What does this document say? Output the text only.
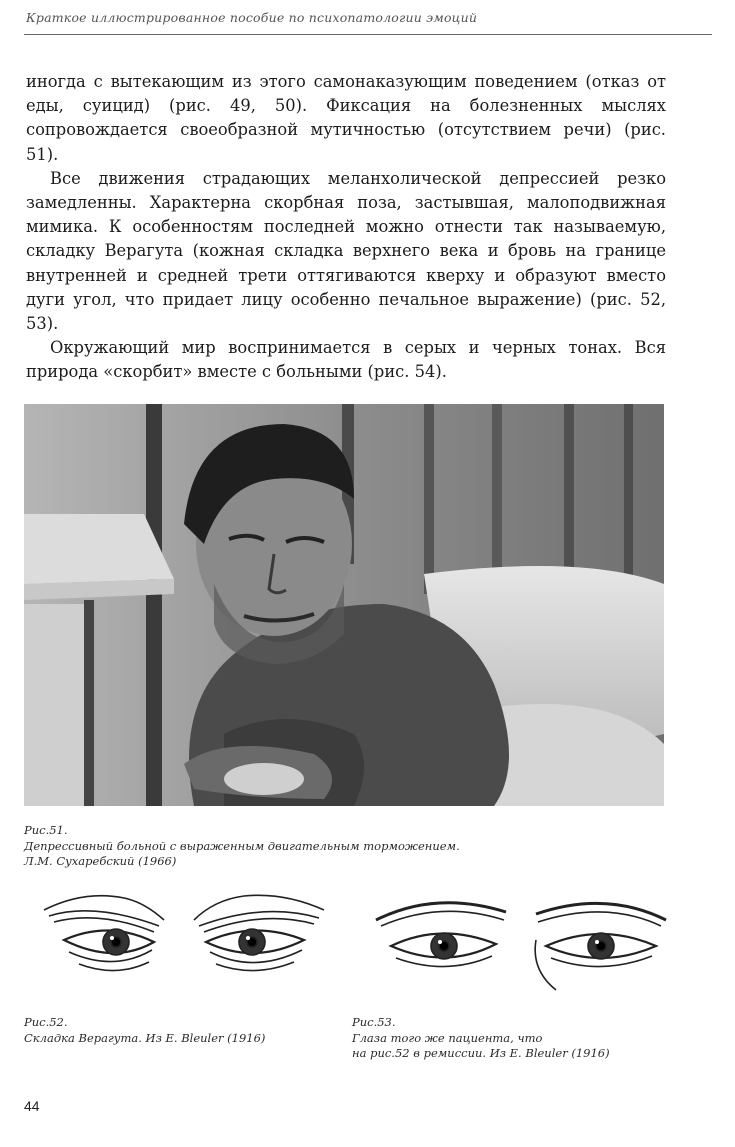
Краткое иллюстрированное пособие по психопатологии эмоций

иногда с вытекающим из этого самонаказующим поведением (отказ от еды, суицид) (рис. 49, 50). Фиксация на болезненных мыслях сопровождается своеобразной мутичностью (отсутствием речи) (рис. 51).

Все движения страдающих меланхолической депрессией резко замедленны. Характерна скорбная поза, застывшая, малоподвижная мимика. К особенностям последней можно отнести так называемую, складку Верагута (кожная складка верхнего века и бровь на границе внутренней и средней трети оттягиваются кверху и образуют вместо дуги угол, что придает лицу особенно печальное выражение) (рис. 52, 53).

Окружающий мир воспринимается в серых и черных тонах. Вся природа «скорбит» вместе с больными (рис. 54).

Рис.51.
Депрессивный больной с выраженным двигательным торможением.
Л.М. Сухаребский (1966)
Рис.52.
Складка Верагута. Из E. Bleuler (1916)
Рис.53.
Глаза того же пациента, что
на рис.52 в ремиссии. Из E. Bleuler (1916)
44
